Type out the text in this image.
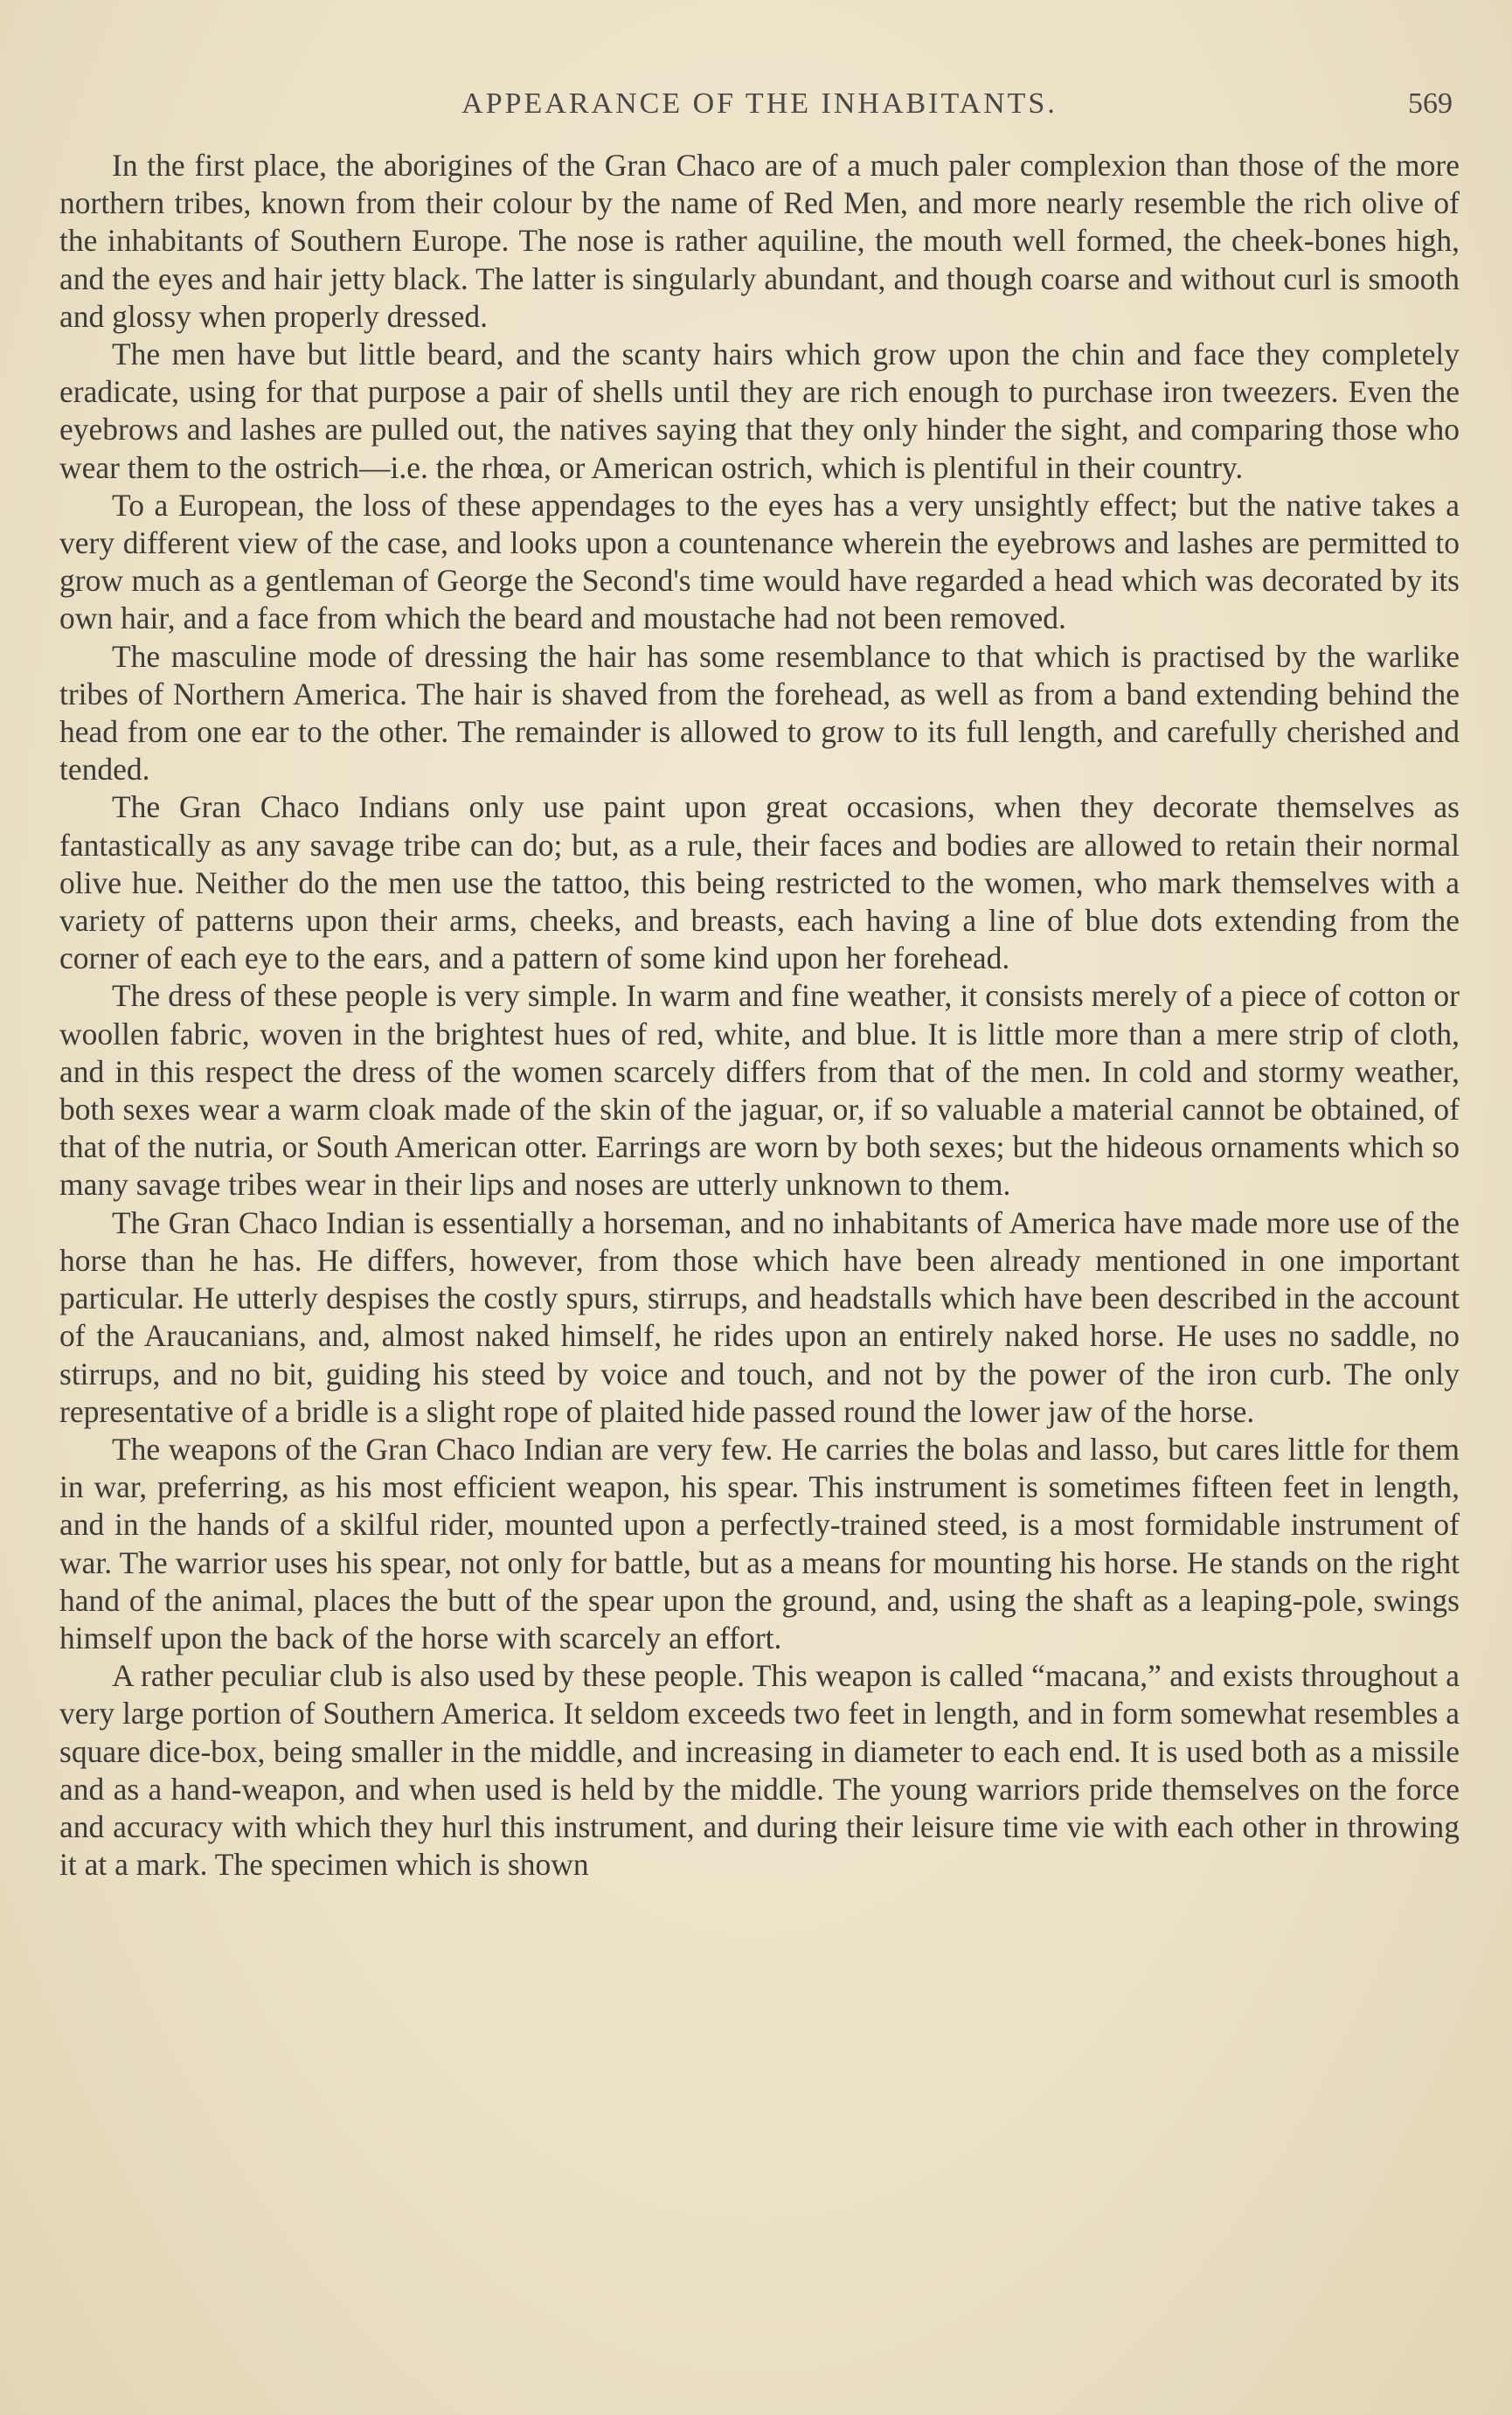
APPEARANCE OF THE INHABITANTS.	569

In the first place, the aborigines of the Gran Chaco are of a much paler complexion than those of the more northern tribes, known from their colour by the name of Red Men, and more nearly resemble the rich olive of the inhabitants of Southern Europe. The nose is rather aquiline, the mouth well formed, the cheek-bones high, and the eyes and hair jetty black. The latter is singularly abundant, and though coarse and without curl is smooth and glossy when properly dressed.

The men have but little beard, and the scanty hairs which grow upon the chin and face they completely eradicate, using for that purpose a pair of shells until they are rich enough to purchase iron tweezers. Even the eyebrows and lashes are pulled out, the natives saying that they only hinder the sight, and comparing those who wear them to the ostrich—i.e. the rhœa, or American ostrich, which is plentiful in their country.

To a European, the loss of these appendages to the eyes has a very unsightly effect; but the native takes a very different view of the case, and looks upon a countenance wherein the eyebrows and lashes are permitted to grow much as a gentleman of George the Second's time would have regarded a head which was decorated by its own hair, and a face from which the beard and moustache had not been removed.

The masculine mode of dressing the hair has some resemblance to that which is practised by the warlike tribes of Northern America. The hair is shaved from the forehead, as well as from a band extending behind the head from one ear to the other. The remainder is allowed to grow to its full length, and carefully cherished and tended.

The Gran Chaco Indians only use paint upon great occasions, when they decorate themselves as fantastically as any savage tribe can do; but, as a rule, their faces and bodies are allowed to retain their normal olive hue. Neither do the men use the tattoo, this being restricted to the women, who mark themselves with a variety of patterns upon their arms, cheeks, and breasts, each having a line of blue dots extending from the corner of each eye to the ears, and a pattern of some kind upon her forehead.

The dress of these people is very simple. In warm and fine weather, it consists merely of a piece of cotton or woollen fabric, woven in the brightest hues of red, white, and blue. It is little more than a mere strip of cloth, and in this respect the dress of the women scarcely differs from that of the men. In cold and stormy weather, both sexes wear a warm cloak made of the skin of the jaguar, or, if so valuable a material cannot be obtained, of that of the nutria, or South American otter. Earrings are worn by both sexes; but the hideous ornaments which so many savage tribes wear in their lips and noses are utterly unknown to them.

The Gran Chaco Indian is essentially a horseman, and no inhabitants of America have made more use of the horse than he has. He differs, however, from those which have been already mentioned in one important particular. He utterly despises the costly spurs, stirrups, and headstalls which have been described in the account of the Araucanians, and, almost naked himself, he rides upon an entirely naked horse. He uses no saddle, no stirrups, and no bit, guiding his steed by voice and touch, and not by the power of the iron curb. The only representative of a bridle is a slight rope of plaited hide passed round the lower jaw of the horse.

The weapons of the Gran Chaco Indian are very few. He carries the bolas and lasso, but cares little for them in war, preferring, as his most efficient weapon, his spear. This instrument is sometimes fifteen feet in length, and in the hands of a skilful rider, mounted upon a perfectly-trained steed, is a most formidable instrument of war. The warrior uses his spear, not only for battle, but as a means for mounting his horse. He stands on the right hand of the animal, places the butt of the spear upon the ground, and, using the shaft as a leaping-pole, swings himself upon the back of the horse with scarcely an effort.

A rather peculiar club is also used by these people. This weapon is called “macana,” and exists throughout a very large portion of Southern America. It seldom exceeds two feet in length, and in form somewhat resembles a square dice-box, being smaller in the middle, and increasing in diameter to each end. It is used both as a missile and as a hand-weapon, and when used is held by the middle. The young warriors pride themselves on the force and accuracy with which they hurl this instrument, and during their leisure time vie with each other in throwing it at a mark. The specimen which is shown
